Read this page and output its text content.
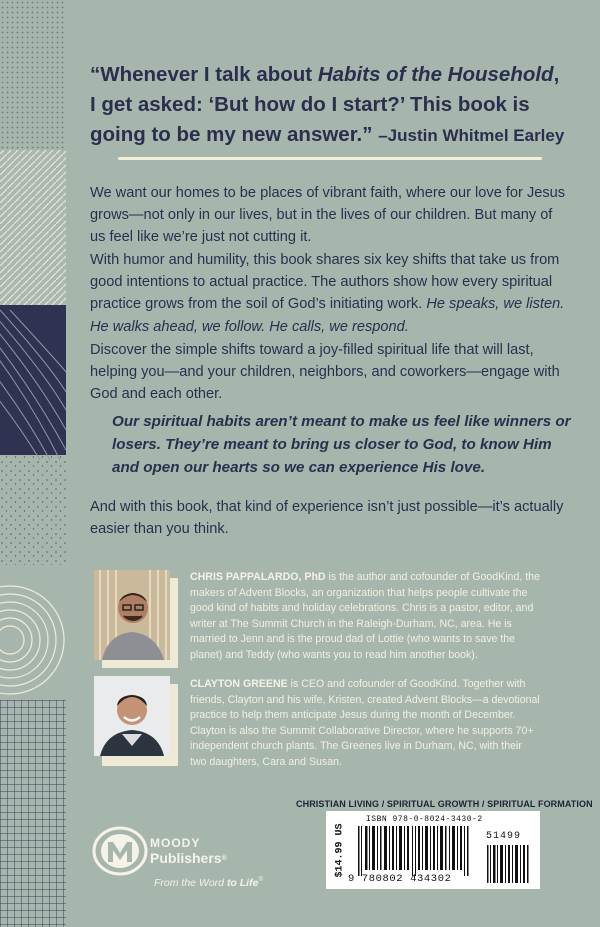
“Whenever I talk about Habits of the Household,
I get asked: ‘But how do I start?’ This book is
going to be my new answer.” –Justin Whitmel Earley
We want our homes to be places of vibrant faith, where our love for Jesus grows—not only in our lives, but in the lives of our children. But many of us feel like we’re just not cutting it.
With humor and humility, this book shares six key shifts that take us from good intentions to actual practice. The authors show how every spiritual practice grows from the soil of God’s initiating work. He speaks, we listen. He walks ahead, we follow. He calls, we respond.
Discover the simple shifts toward a joy-filled spiritual life that will last, helping you—and your children, neighbors, and coworkers—engage with God and each other.
Our spiritual habits aren’t meant to make us feel like winners or losers. They’re meant to bring us closer to God, to know Him and open our hearts so we can experience His love.
And with this book, that kind of experience isn’t just possible—it’s actually easier than you think.
CHRIS PAPPALARDO, PhD is the author and cofounder of GoodKind, the makers of Advent Blocks, an organization that helps people cultivate the good kind of habits and holiday celebrations. Chris is a pastor, editor, and writer at The Summit Church in the Raleigh-Durham, NC, area. He is married to Jenn and is the proud dad of Lottie (who wants to save the planet) and Teddy (who wants you to read him another book).
CLAYTON GREENE is CEO and cofounder of GoodKind. Together with friends, Clayton and his wife, Kristen, created Advent Blocks—a devotional practice to help them anticipate Jesus during the month of December. Clayton is also the Summit Collaborative Director, where he supports 70+ independent church plants. The Greenes live in Durham, NC, with their two daughters, Cara and Susan.
CHRISTIAN LIVING / SPIRITUAL GROWTH / SPIRITUAL FORMATION
$14.99 US
ISBN 978-0-8024-3430-2
9 780802 434302
51499
MOODY
Publishers®
From the Word to Life®
